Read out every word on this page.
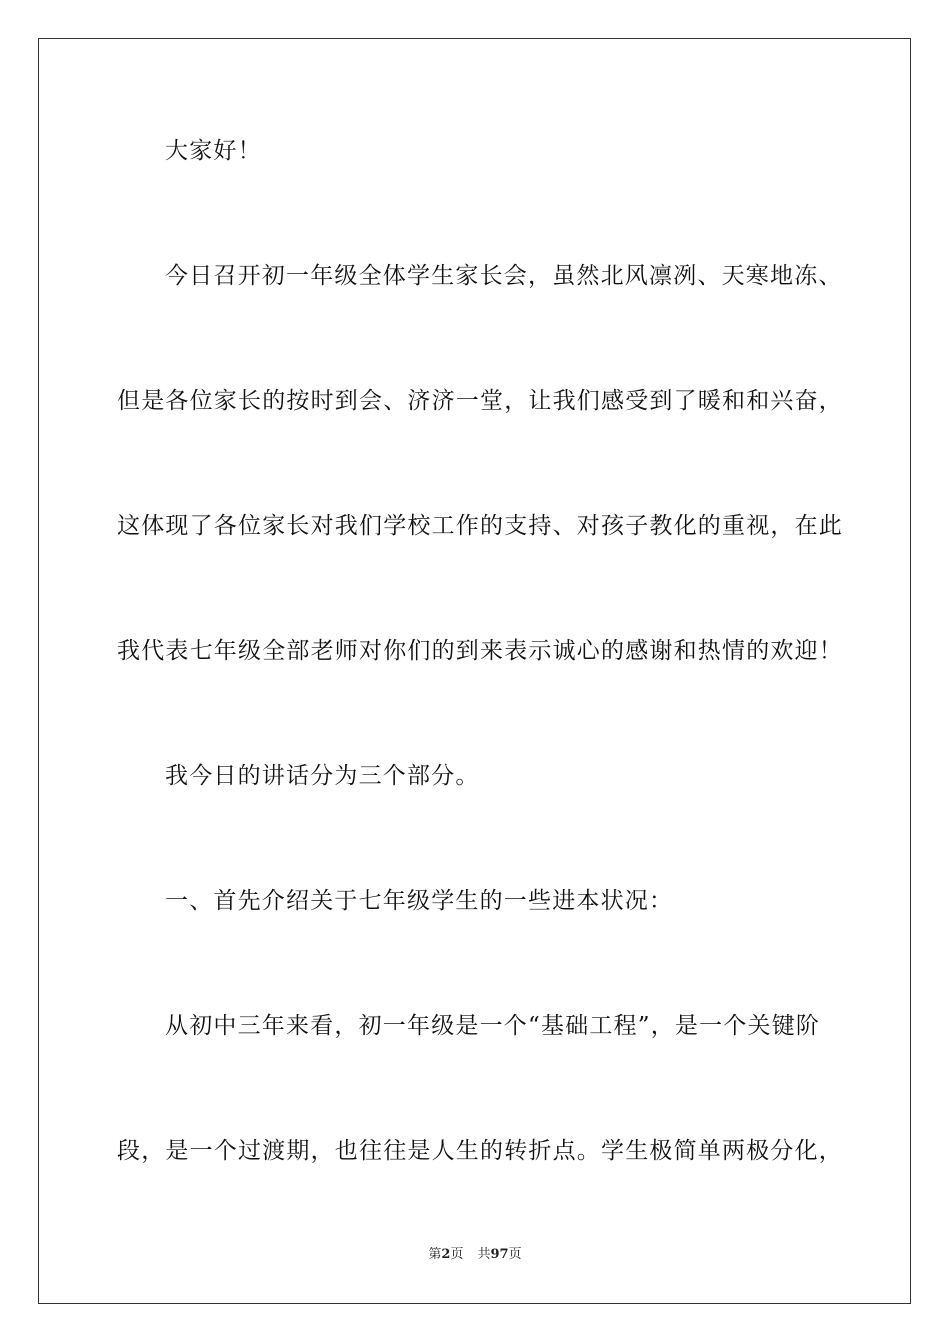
大家好！
今日召开初一年级全体学生家长会，虽然北风凛冽、天寒地冻、
但是各位家长的按时到会、济济一堂，让我们感受到了暖和和兴奋，
这体现了各位家长对我们学校工作的支持、对孩子教化的重视，在此
我代表七年级全部老师对你们的到来表示诚心的感谢和热情的欢迎！
我今日的讲话分为三个部分。
一、首先介绍关于七年级学生的一些进本状况：
从初中三年来看，初一年级是一个“基础工程”，是一个关键阶
段，是一个过渡期，也往往是人生的转折点。学生极简单两极分化，
第2页 共97页
